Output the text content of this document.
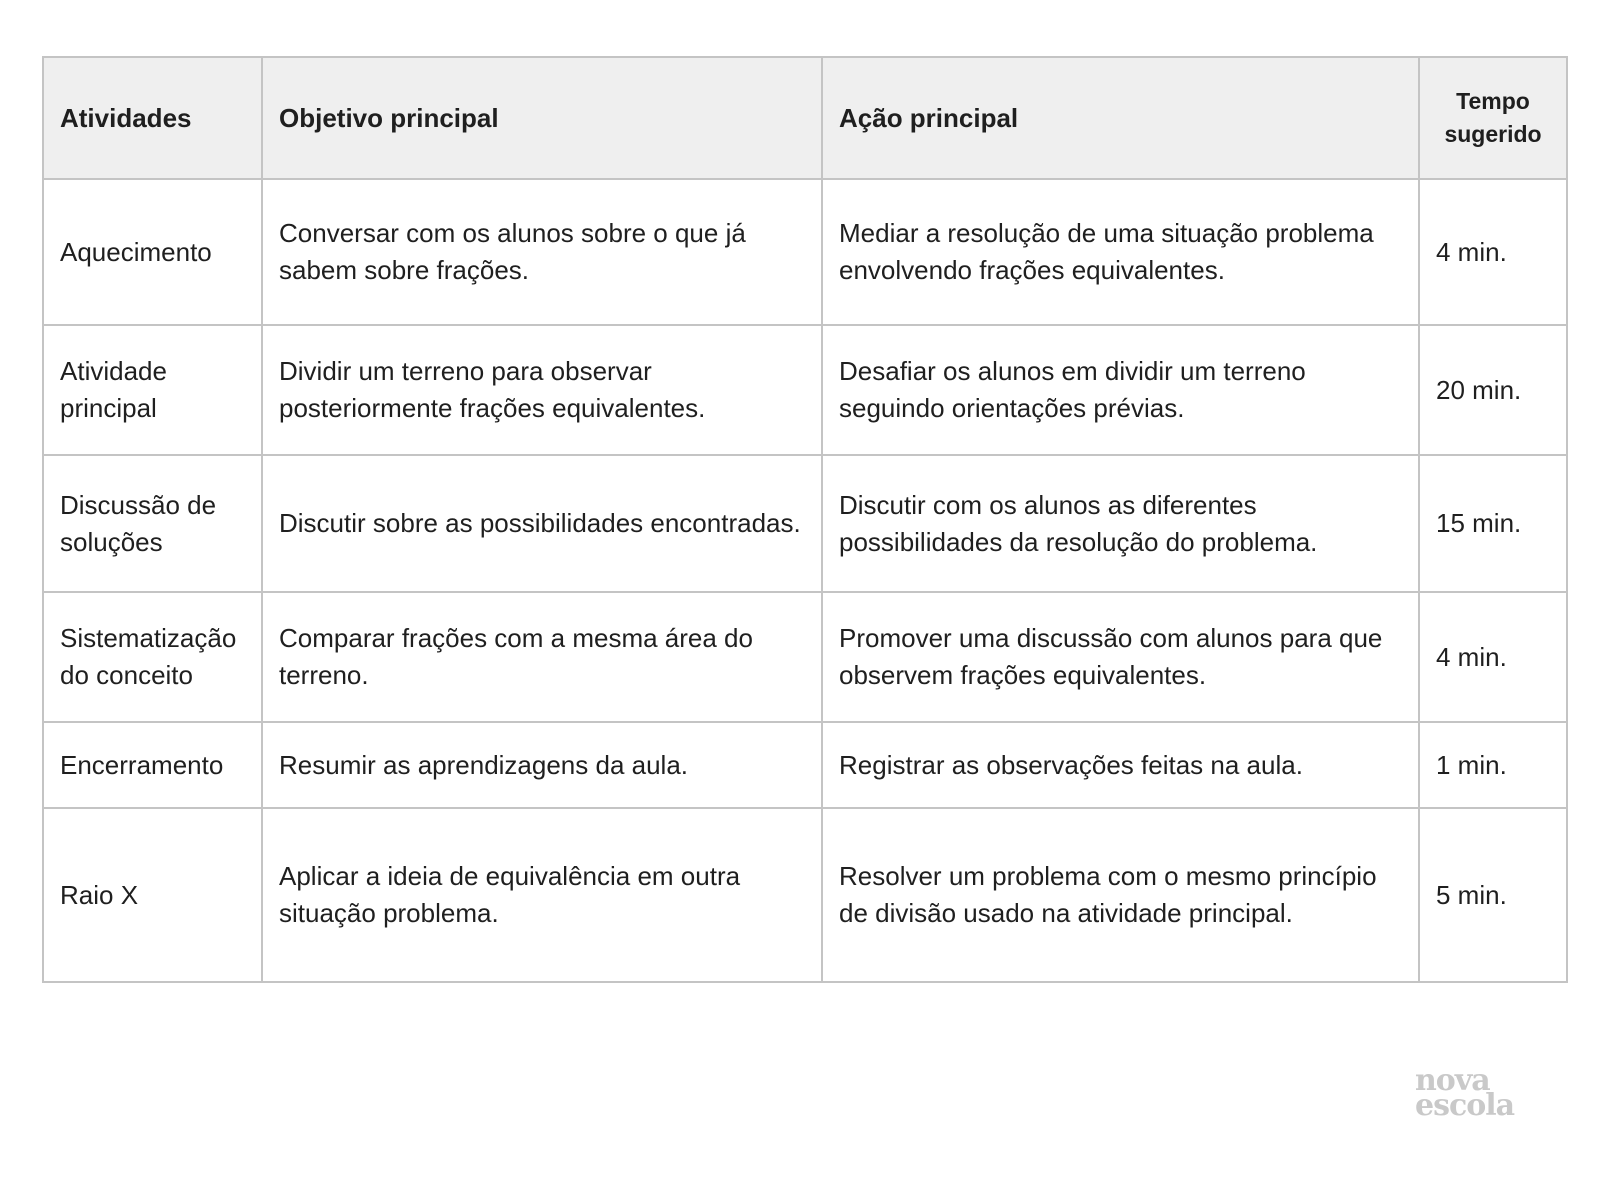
Atividades	Objetivo principal	Ação principal	Tempo sugerido
Aquecimento	Conversar com os alunos sobre o que já sabem sobre frações.	Mediar a resolução de uma situação problema envolvendo frações equivalentes.	4 min.
Atividade principal	Dividir um terreno para observar posteriormente frações equivalentes.	Desafiar os alunos em dividir um terreno seguindo orientações prévias.	20 min.
Discussão de soluções	Discutir sobre as possibilidades encontradas.	Discutir com os alunos as diferentes possibilidades da resolução do problema.	15 min.
Sistematização do conceito	Comparar frações com a mesma área do terreno.	Promover uma discussão com alunos para que observem frações equivalentes.	4 min.
Encerramento	Resumir as aprendizagens da aula.	Registrar as observações feitas na aula.	1 min.
Raio X	Aplicar a ideia de equivalência em outra situação problema.	Resolver um problema com o mesmo princípio de divisão usado na atividade principal.	5 min.
nova
escola
